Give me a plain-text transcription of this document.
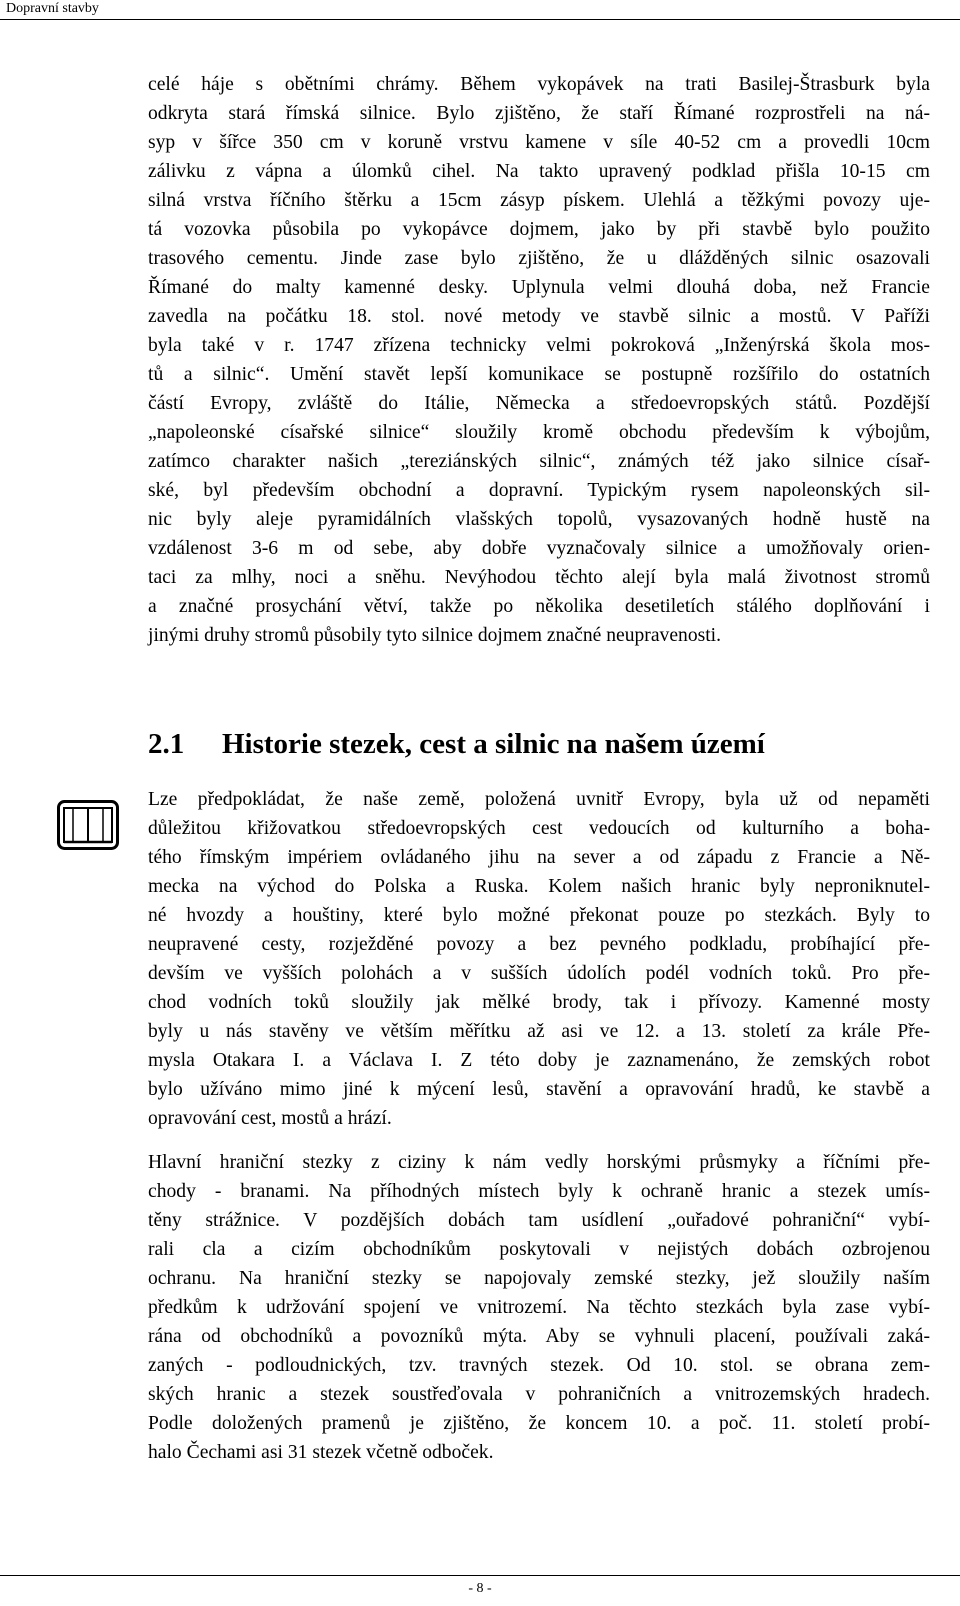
Dopravní stavby
celé háje s obětními chrámy. Během vykopávek na trati Basilej-Štrasburk byla
odkryta stará římská silnice. Bylo zjištěno, že staří Římané rozprostřeli na ná-
syp v šířce 350 cm v koruně vrstvu kamene v síle 40-52 cm a provedli 10cm
zálivku z vápna a úlomků cihel. Na takto upravený podklad přišla 10-15 cm
silná vrstva říčního štěrku a 15cm zásyp pískem. Ulehlá a těžkými povozy uje-
tá vozovka působila po vykopávce dojmem, jako by při stavbě bylo použito
trasového cementu. Jinde zase bylo zjištěno, že u dlážděných silnic osazovali
Římané do malty kamenné desky. Uplynula velmi dlouhá doba, než Francie
zavedla na počátku 18. stol. nové metody ve stavbě silnic a mostů. V Paříži
byla také v r. 1747 zřízena technicky velmi pokroková „Inženýrská škola mos-
tů a silnic“. Umění stavět lepší komunikace se postupně rozšířilo do ostatních
částí Evropy, zvláště do Itálie, Německa a středoevropských států. Pozdější
„napoleonské císařské silnice“ sloužily kromě obchodu především k výbojům,
zatímco charakter našich „tereziánských silnic“, známých též jako silnice císař-
ské, byl především obchodní a dopravní. Typickým rysem napoleonských sil-
nic byly aleje pyramidálních vlašských topolů, vysazovaných hodně hustě na
vzdálenost 3-6 m od sebe, aby dobře vyznačovaly silnice a umožňovaly orien-
taci za mlhy, noci a sněhu. Nevýhodou těchto alejí byla malá životnost stromů
a značné prosychání větví, takže po několika desetiletích stálého doplňování i
jinými druhy stromů působily tyto silnice dojmem značné neupravenosti.
2.1 Historie stezek, cest a silnic na našem území
Lze předpokládat, že naše země, položená uvnitř Evropy, byla už od nepaměti
důležitou křižovatkou středoevropských cest vedoucích od kulturního a boha-
tého římským impériem ovládaného jihu na sever a od západu z Francie a Ně-
mecka na východ do Polska a Ruska. Kolem našich hranic byly neproniknutel-
né hvozdy a houštiny, které bylo možné překonat pouze po stezkách. Byly to
neupravené cesty, rozježděné povozy a bez pevného podkladu, probíhající pře-
devším ve vyšších polohách a v sušších údolích podél vodních toků. Pro pře-
chod vodních toků sloužily jak mělké brody, tak i přívozy. Kamenné mosty
byly u nás stavěny ve větším měřítku až asi ve 12. a 13. století za krále Pře-
mysla Otakara I. a Václava I. Z této doby je zaznamenáno, že zemských robot
bylo užíváno mimo jiné k mýcení lesů, stavění a opravování hradů, ke stavbě a
opravování cest, mostů a hrází.
Hlavní hraniční stezky z ciziny k nám vedly horskými průsmyky a říčními pře-
chody - branami. Na příhodných místech byly k ochraně hranic a stezek umís-
těny strážnice. V pozdějších dobách tam usídlení „ouřadové pohraniční“ vybí-
rali cla a cizím obchodníkům poskytovali v nejistých dobách ozbrojenou
ochranu. Na hraniční stezky se napojovaly zemské stezky, jež sloužily naším
předkům k udržování spojení ve vnitrozemí. Na těchto stezkách byla zase vybí-
rána od obchodníků a povozníků mýta. Aby se vyhnuli placení, používali zaká-
zaných - podloudnických, tzv. travných stezek. Od 10. stol. se obrana zem-
ských hranic a stezek soustřeďovala v pohraničních a vnitrozemských hradech.
Podle doložených pramenů je zjištěno, že koncem 10. a poč. 11. století probí-
halo Čechami asi 31 stezek včetně odboček.
- 8 -
